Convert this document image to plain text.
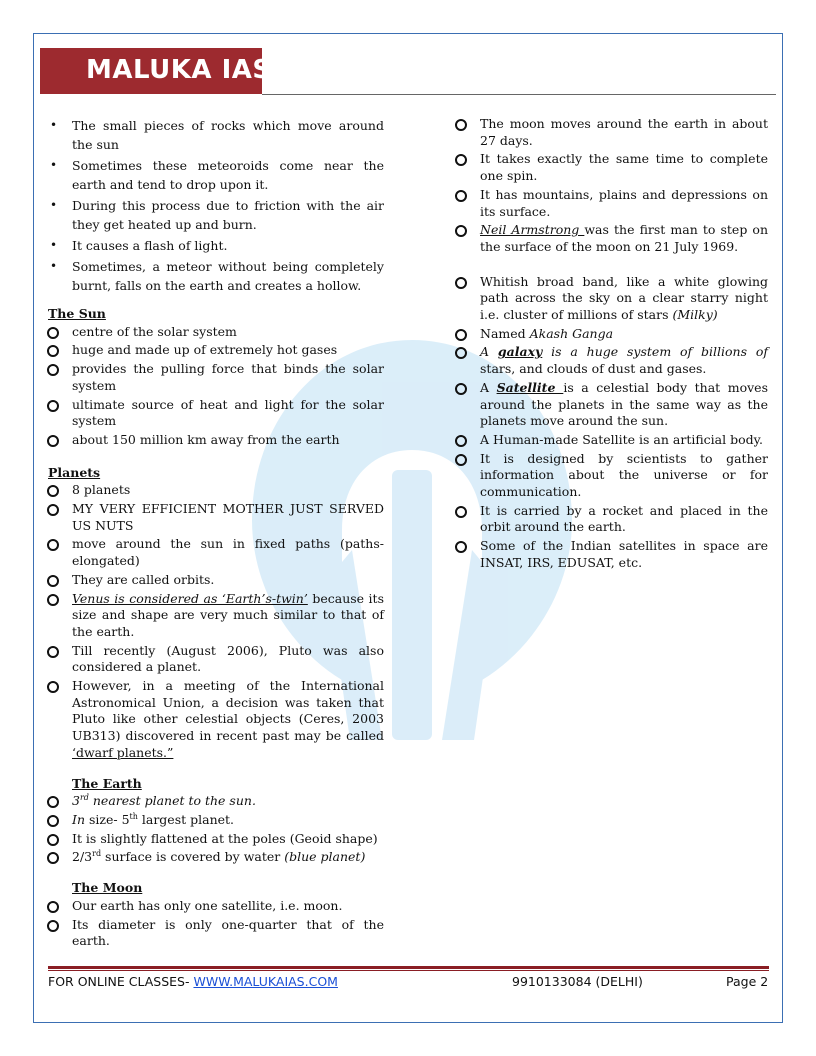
MALUKA IAS
• The small pieces of rocks which move around the sun
• Sometimes these meteoroids come near the earth and tend to drop upon it.
• During this process due to friction with the air they get heated up and burn.
• It causes a flash of light.
• Sometimes, a meteor without being completely burnt, falls on the earth and creates a hollow.
The Sun
centre of the solar system
huge and made up of extremely hot gases
provides the pulling force that binds the solar system
ultimate source of heat and light for the solar system
about 150 million km away from the earth
Planets
8 planets
MY VERY EFFICIENT MOTHER JUST SERVED US NUTS
move around the sun in fixed paths (paths- elongated)
They are called orbits.
Venus is considered as ‘Earth’s-twin’ because its size and shape are very much similar to that of the earth.
Till recently (August 2006), Pluto was also considered a planet.
However, in a meeting of the International Astronomical Union, a decision was taken that Pluto like other celestial objects (Ceres, 2003 UB313) discovered in recent past may be called ‘dwarf planets.”
The Earth
3rd nearest planet to the sun.
In size- 5th largest planet.
It is slightly flattened at the poles (Geoid shape)
2/3rd surface is covered by water (blue planet)
The Moon
Our earth has only one satellite, i.e. moon.
Its diameter is only one-quarter that of the earth.
The moon moves around the earth in about 27 days.
It takes exactly the same time to complete one spin.
It has mountains, plains and depressions on its surface.
Neil Armstrong was the first man to step on the surface of the moon on 21 July 1969.
Whitish broad band, like a white glowing path across the sky on a clear starry night i.e. cluster of millions of stars (Milky)
Named Akash Ganga
A galaxy is a huge system of billions of stars, and clouds of dust and gases.
A Satellite is a celestial body that moves around the planets in the same way as the planets move around the sun.
A Human-made Satellite is an artificial body.
It is designed by scientists to gather information about the universe or for communication.
It is carried by a rocket and placed in the orbit around the earth.
Some of the Indian satellites in space are INSAT, IRS, EDUSAT, etc.
FOR ONLINE CLASSES- WWW.MALUKAIAS.COM	9910133084 (DELHI)	Page 2
